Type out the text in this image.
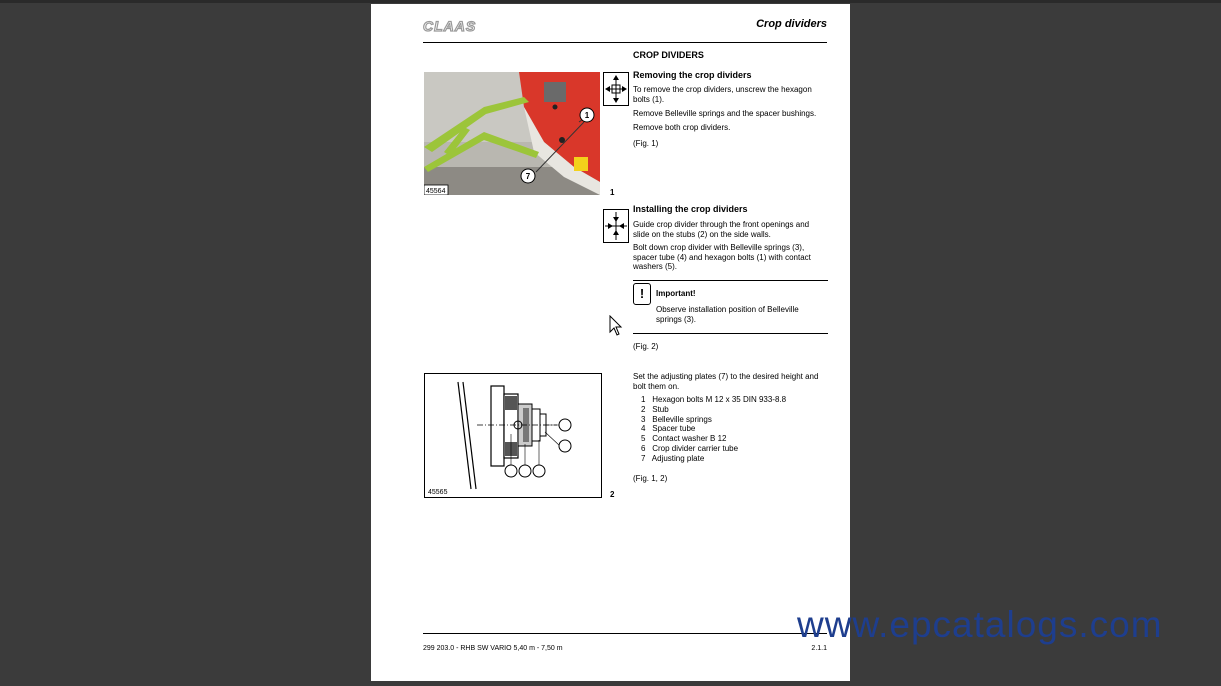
CLAAS	Crop dividers
CROP DIVIDERS
1
7
45564	1
Removing the crop dividers
To remove the crop dividers, unscrew the hexagon bolts (1).
Remove Belleville springs and the spacer bushings.
Remove both crop dividers.
(Fig. 1)
Installing the crop dividers
Guide crop divider through the front openings and slide on the stubs (2) on the side walls.
Bolt down crop divider with Belleville springs (3), spacer tube (4) and hexagon bolts (1) with contact washers (5).
!	Important!
Observe installation position of Belleville springs (3).
(Fig. 2)
45565	2
Set the adjusting plates (7) to the desired height and bolt them on.
1 Hexagon bolts M 12 x 35 DIN 933-8.8
2 Stub
3 Belleville springs
4 Spacer tube
5 Contact washer B 12
6 Crop divider carrier tube
7 Adjusting plate
(Fig. 1, 2)
299 203.0 - RHB SW VARIO 5,40 m - 7,50 m	2.1.1
www.epcatalogs.com
